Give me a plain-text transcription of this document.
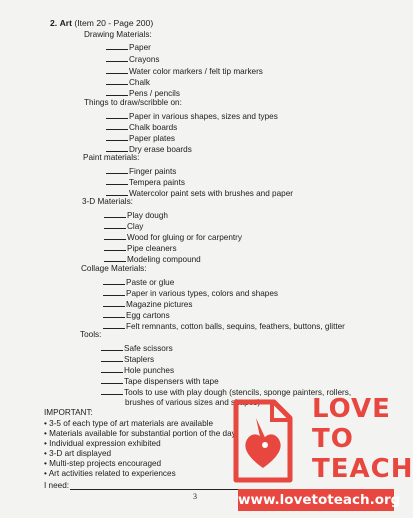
2. Art (Item 20 - Page 200)
Drawing Materials:
Paper
Crayons
Water color markers / felt tip markers
Chalk
Pens / pencils
Things to draw/scribble on:
Paper in various shapes, sizes and types
Chalk boards
Paper plates
Dry erase boards
Paint materials:
Finger paints
Tempera paints
Watercolor paint sets with brushes and paper
3-D Materials:
Play dough
Clay
Wood for gluing or for carpentry
Pipe cleaners
Modeling compound
Collage Materials:
Paste or glue
Paper in various types, colors and shapes
Magazine pictures
Egg cartons
Felt remnants, cotton balls, sequins, feathers, buttons, glitter
Tools:
Safe scissors
Staplers
Hole punches
Tape dispensers with tape
Tools to use with play dough (stencils, sponge painters, rollers, brushes of various sizes and shapes)
IMPORTANT:
• 3-5 of each type of art materials are available
• Materials available for substantial portion of the day
• Individual expression exhibited
• 3-D art displayed
• Multi-step projects encouraged
• Art activities related to experiences
I need:
3
LOVE
TO
TEACH
www.lovetoteach.org
